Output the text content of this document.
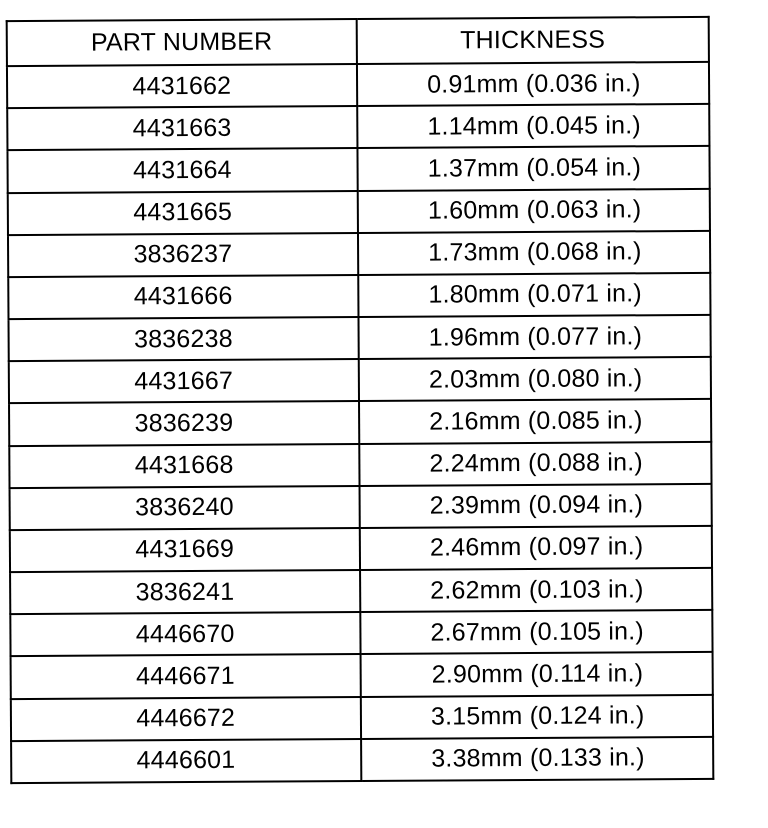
PART NUMBER	THICKNESS
4431662	0.91mm (0.036 in.)
4431663	1.14mm (0.045 in.)
4431664	1.37mm (0.054 in.)
4431665	1.60mm (0.063 in.)
3836237	1.73mm (0.068 in.)
4431666	1.80mm (0.071 in.)
3836238	1.96mm (0.077 in.)
4431667	2.03mm (0.080 in.)
3836239	2.16mm (0.085 in.)
4431668	2.24mm (0.088 in.)
3836240	2.39mm (0.094 in.)
4431669	2.46mm (0.097 in.)
3836241	2.62mm (0.103 in.)
4446670	2.67mm (0.105 in.)
4446671	2.90mm (0.114 in.)
4446672	3.15mm (0.124 in.)
4446601	3.38mm (0.133 in.)
